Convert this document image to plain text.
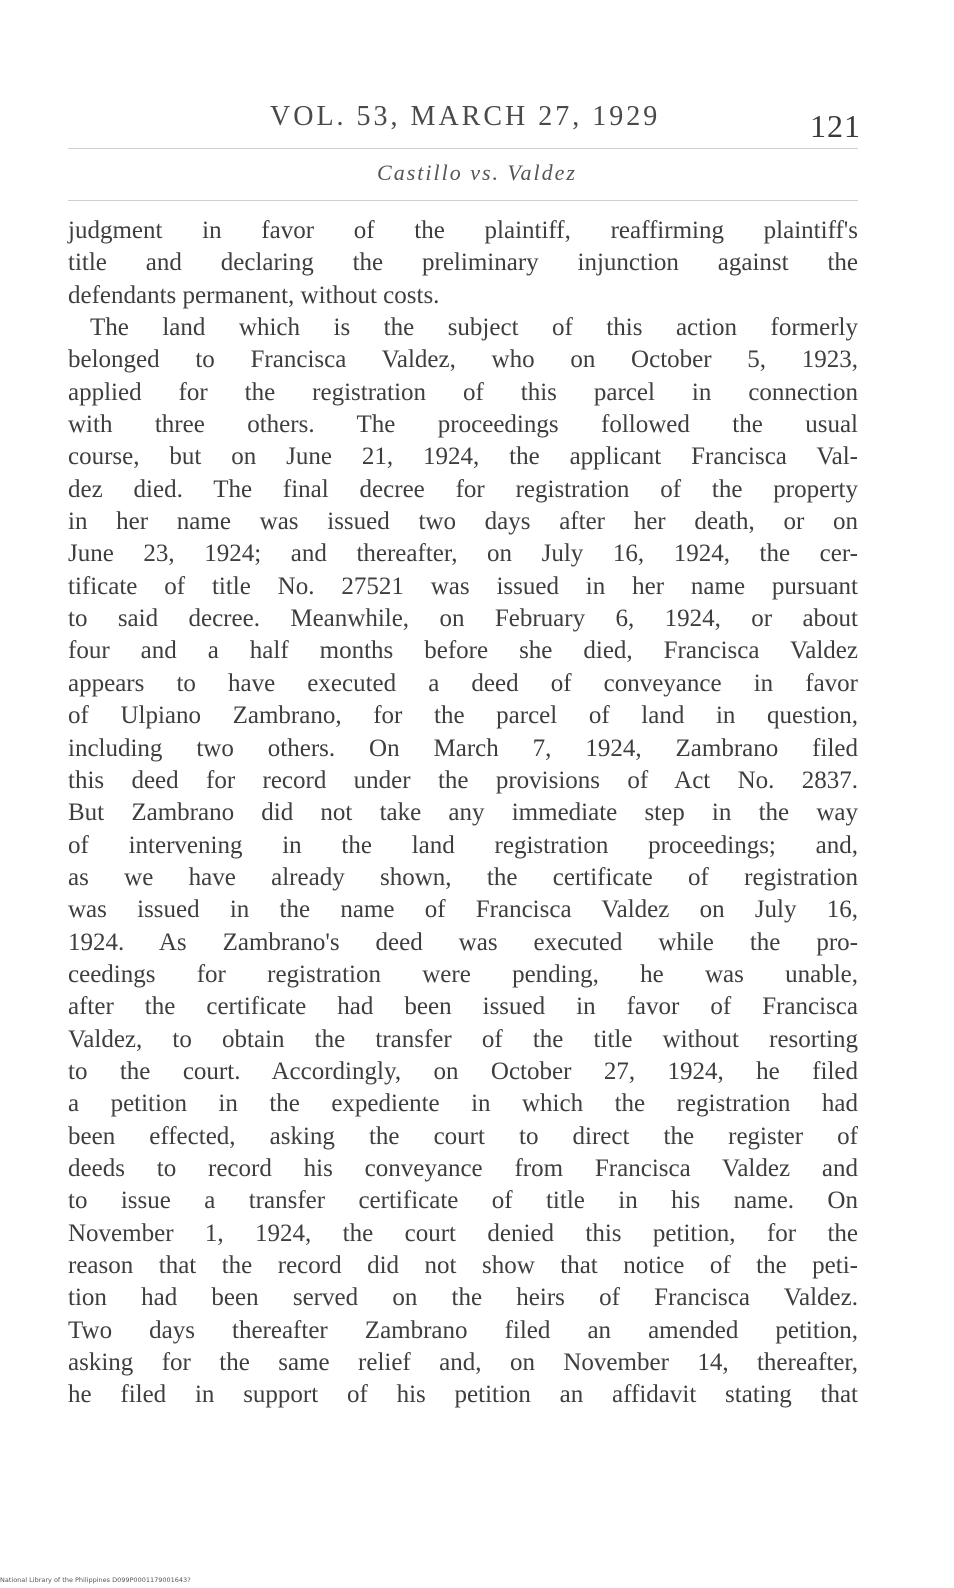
VOL. 53, MARCH 27, 1929	121
Castillo vs. Valdez
judgment in favor of the plaintiff, reaffirming plaintiff's
title and declaring the preliminary injunction against the
defendants permanent, without costs.
The land which is the subject of this action formerly
belonged to Francisca Valdez, who on October 5, 1923,
applied for the registration of this parcel in connection
with three others. The proceedings followed the usual
course, but on June 21, 1924, the applicant Francisca Val-
dez died. The final decree for registration of the property
in her name was issued two days after her death, or on
June 23, 1924; and thereafter, on July 16, 1924, the cer-
tificate of title No. 27521 was issued in her name pursuant
to said decree. Meanwhile, on February 6, 1924, or about
four and a half months before she died, Francisca Valdez
appears to have executed a deed of conveyance in favor
of Ulpiano Zambrano, for the parcel of land in question,
including two others. On March 7, 1924, Zambrano filed
this deed for record under the provisions of Act No. 2837.
But Zambrano did not take any immediate step in the way
of intervening in the land registration proceedings; and,
as we have already shown, the certificate of registration
was issued in the name of Francisca Valdez on July 16,
1924. As Zambrano's deed was executed while the pro-
ceedings for registration were pending, he was unable,
after the certificate had been issued in favor of Francisca
Valdez, to obtain the transfer of the title without resorting
to the court. Accordingly, on October 27, 1924, he filed
a petition in the expediente in which the registration had
been effected, asking the court to direct the register of
deeds to record his conveyance from Francisca Valdez and
to issue a transfer certificate of title in his name. On
November 1, 1924, the court denied this petition, for the
reason that the record did not show that notice of the peti-
tion had been served on the heirs of Francisca Valdez.
Two days thereafter Zambrano filed an amended petition,
asking for the same relief and, on November 14, thereafter,
he filed in support of his petition an affidavit stating that
National Library of the Philippines D099P0001179001643?
